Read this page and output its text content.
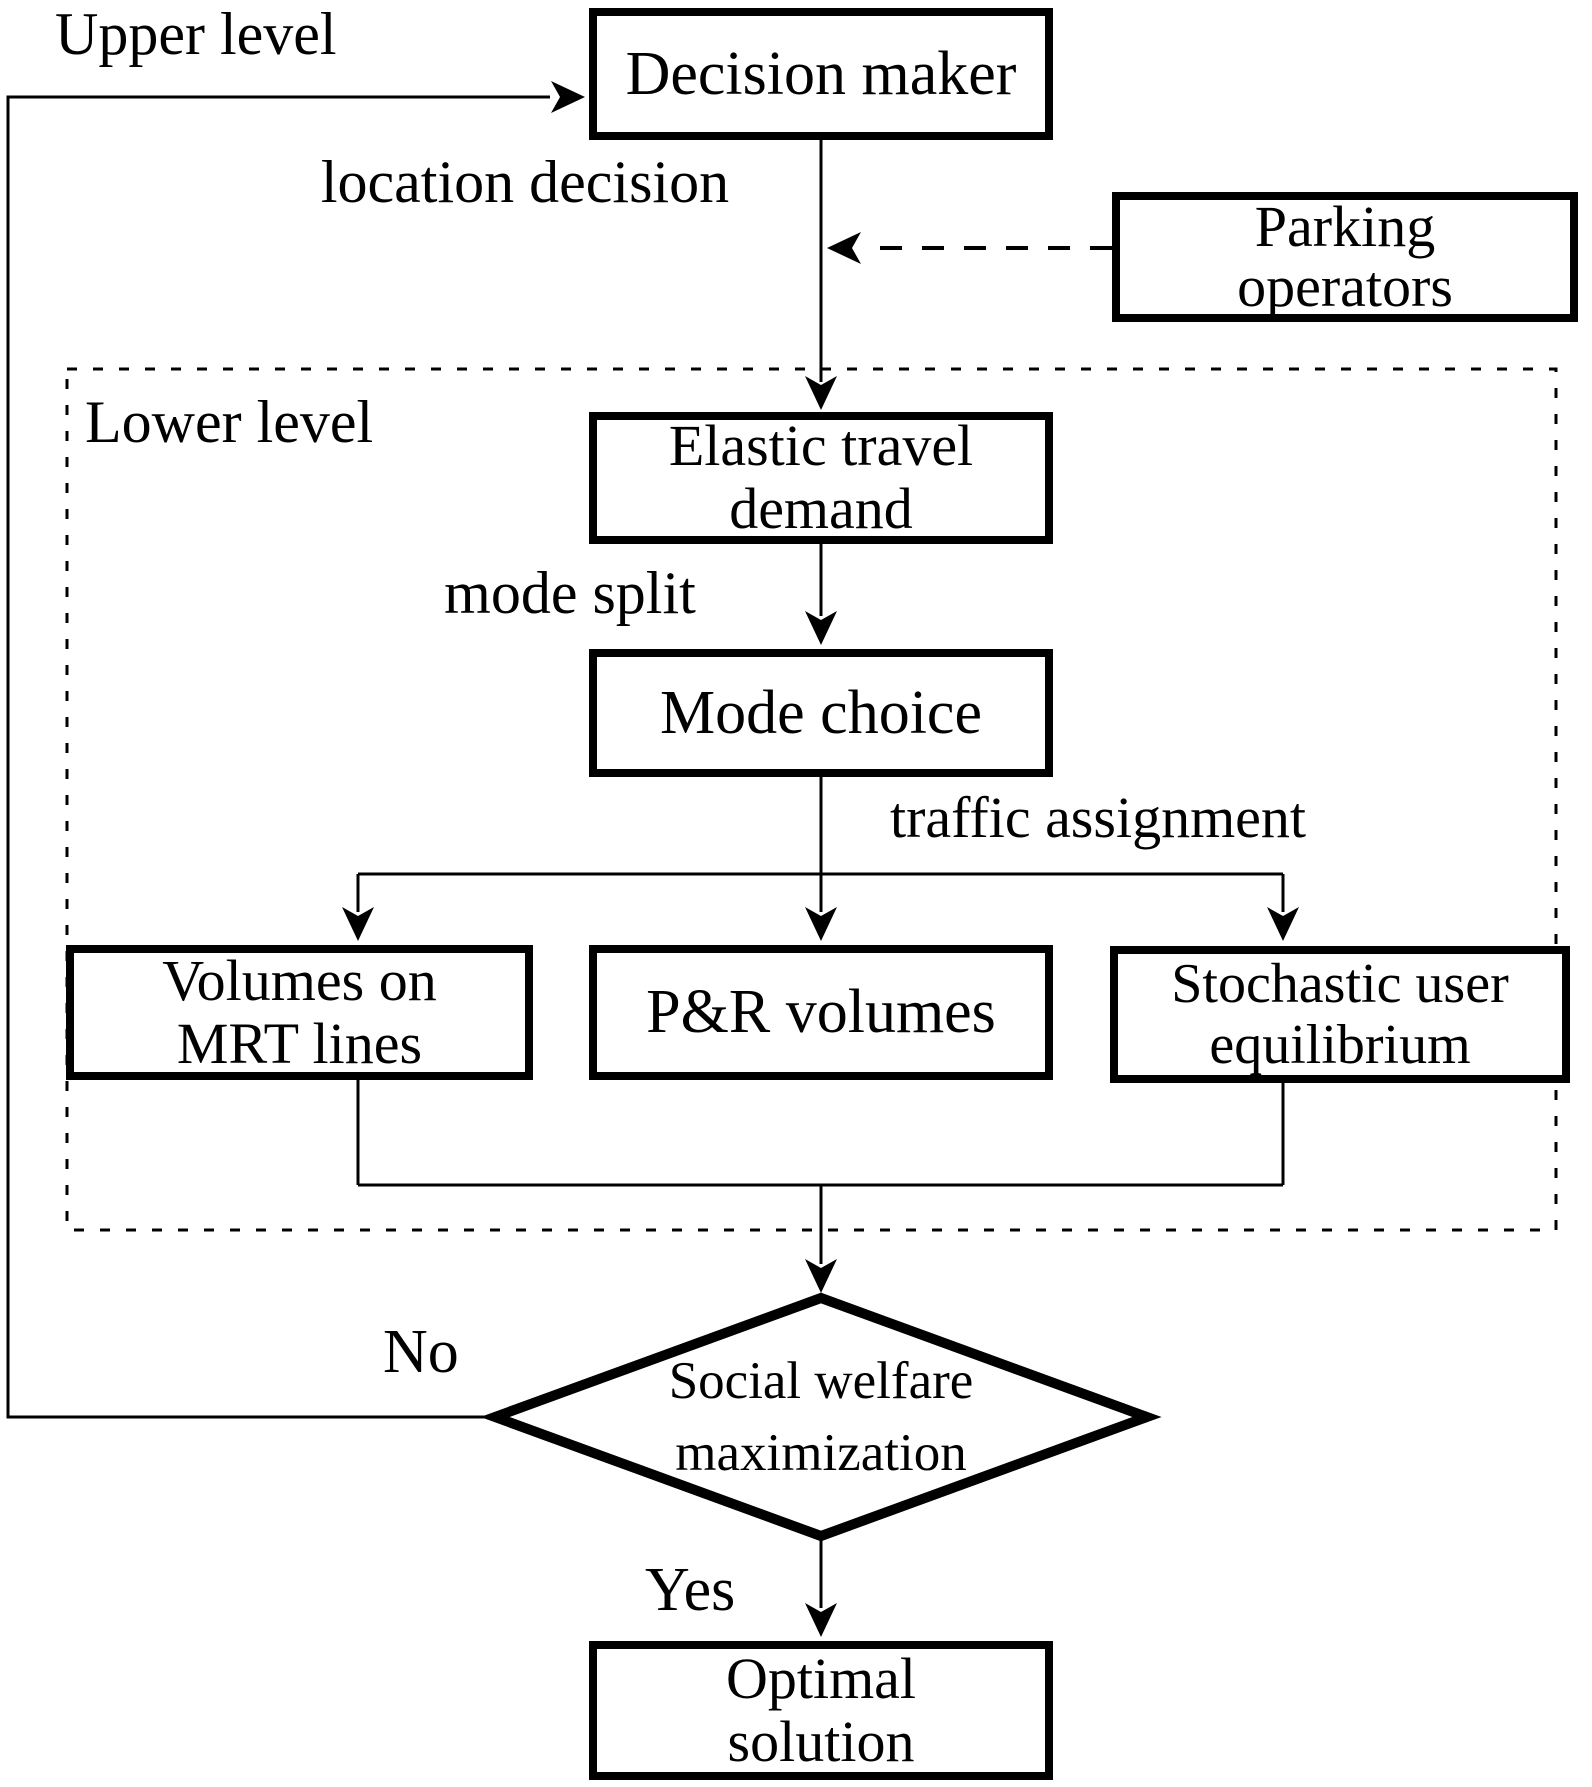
Upper level
location decision
Lower level
mode split
traffic assignment
No
Yes
Decision maker
Parking
operators
Elastic travel
demand
Mode choice
Volumes on
MRT lines	P&R volumes	Stochastic user
equilibrium
Social welfare
maximization
Optimal
solution
